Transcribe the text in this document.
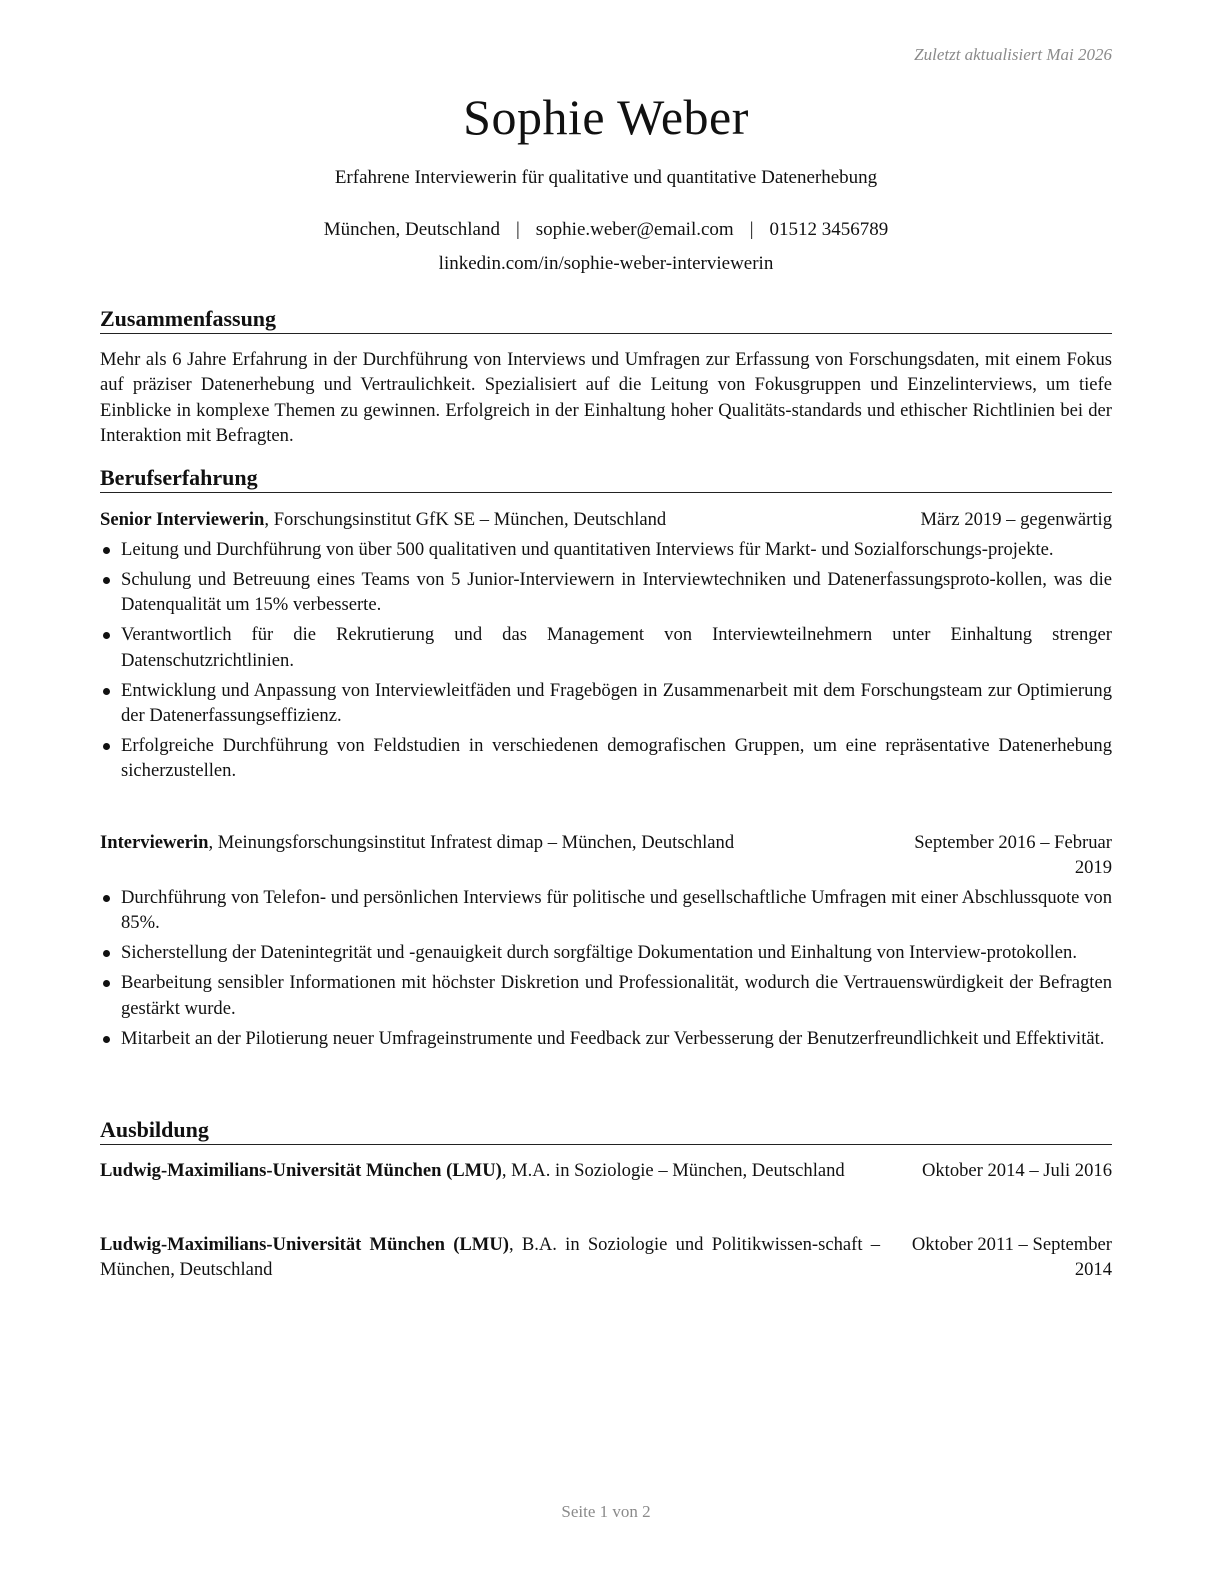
Zuletzt aktualisiert Mai 2026
Sophie Weber
Erfahrene Interviewerin für qualitative und quantitative Datenerhebung
München, Deutschland | sophie.weber@email.com | 01512 3456789
linkedin.com/in/sophie-weber-interviewerin
Zusammenfassung
Mehr als 6 Jahre Erfahrung in der Durchführung von Interviews und Umfragen zur Erfassung von Forschungsdaten, mit einem Fokus auf präziser Datenerhebung und Vertraulichkeit. Spezialisiert auf die Leitung von Fokusgruppen und Einzelinterviews, um tiefe Einblicke in komplexe Themen zu gewinnen. Erfolgreich in der Einhaltung hoher Qualitäts-standards und ethischer Richtlinien bei der Interaktion mit Befragten.
Berufserfahrung
Senior Interviewerin, Forschungsinstitut GfK SE – München, Deutschland	März 2019 – gegenwärtig
Leitung und Durchführung von über 500 qualitativen und quantitativen Interviews für Markt- und Sozialforschungs-projekte.
Schulung und Betreuung eines Teams von 5 Junior-Interviewern in Interviewtechniken und Datenerfassungsproto-kollen, was die Datenqualität um 15% verbesserte.
Verantwortlich für die Rekrutierung und das Management von Interviewteilnehmern unter Einhaltung strenger Datenschutzrichtlinien.
Entwicklung und Anpassung von Interviewleitfäden und Fragebögen in Zusammenarbeit mit dem Forschungsteam zur Optimierung der Datenerfassungseffizienz.
Erfolgreiche Durchführung von Feldstudien in verschiedenen demografischen Gruppen, um eine repräsentative Datenerhebung sicherzustellen.
Interviewerin, Meinungsforschungsinstitut Infratest dimap – München, Deutschland	September 2016 – Februar
2019
Durchführung von Telefon- und persönlichen Interviews für politische und gesellschaftliche Umfragen mit einer Abschlussquote von 85%.
Sicherstellung der Datenintegrität und -genauigkeit durch sorgfältige Dokumentation und Einhaltung von Interview-protokollen.
Bearbeitung sensibler Informationen mit höchster Diskretion und Professionalität, wodurch die Vertrauenswürdigkeit der Befragten gestärkt wurde.
Mitarbeit an der Pilotierung neuer Umfrageinstrumente und Feedback zur Verbesserung der Benutzerfreundlichkeit und Effektivität.
Ausbildung
Ludwig-Maximilians-Universität München (LMU), M.A. in Soziologie – München, Deutschland	Oktober 2014 – Juli 2016
Ludwig-Maximilians-Universität München (LMU), B.A. in Soziologie und Politikwissen-schaft – München, Deutschland
Oktober 2011 – September
2014
Seite 1 von 2
